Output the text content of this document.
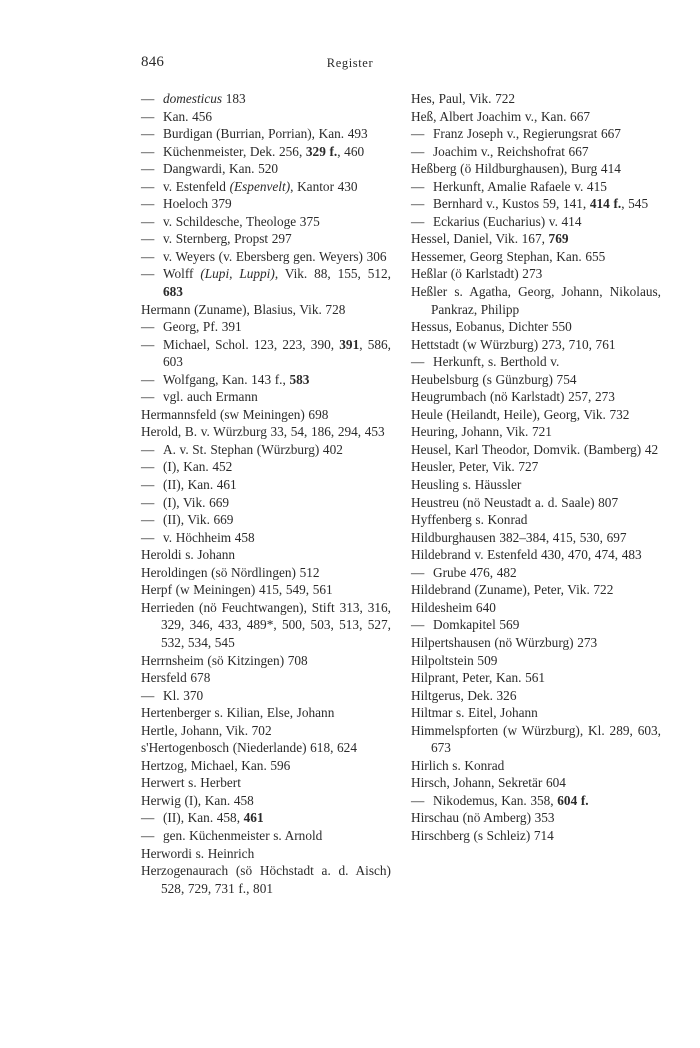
846	Register
— domesticus 183
— Kan. 456
— Burdigan (Burrian, Porrian), Kan. 493
— Küchenmeister, Dek. 256, 329 f., 460
— Dangwardi, Kan. 520
— v. Estenfeld (Espenvelt), Kantor 430
— Hoeloch 379
— v. Schildesche, Theologe 375
— v. Sternberg, Propst 297
— v. Weyers (v. Ebersberg gen. Weyers) 306
— Wolff (Lupi, Luppi), Vik. 88, 155, 512, 683
Hermann (Zuname), Blasius, Vik. 728
— Georg, Pf. 391
— Michael, Schol. 123, 223, 390, 391, 586, 603
— Wolfgang, Kan. 143 f., 583
— vgl. auch Ermann
Hermannsfeld (sw Meiningen) 698
Herold, B. v. Würzburg 33, 54, 186, 294, 453
— A. v. St. Stephan (Würzburg) 402
— (I), Kan. 452
— (II), Kan. 461
— (I), Vik. 669
— (II), Vik. 669
— v. Höchheim 458
Heroldi s. Johann
Heroldingen (sö Nördlingen) 512
Herpf (w Meiningen) 415, 549, 561
Herrieden (nö Feuchtwangen), Stift 313, 316, 329, 346, 433, 489*, 500, 503, 513, 527, 532, 534, 545
Herrnsheim (sö Kitzingen) 708
Hersfeld 678
— Kl. 370
Hertenberger s. Kilian, Else, Johann
Hertle, Johann, Vik. 702
s'Hertogenbosch (Niederlande) 618, 624
Hertzog, Michael, Kan. 596
Herwert s. Herbert
Herwig (I), Kan. 458
— (II), Kan. 458, 461
— gen. Küchenmeister s. Arnold
Herwordi s. Heinrich
Herzogenaurach (sö Höchstadt a. d. Aisch) 528, 729, 731 f., 801
Hes, Paul, Vik. 722
Heß, Albert Joachim v., Kan. 667
— Franz Joseph v., Regierungsrat 667
— Joachim v., Reichshofrat 667
Heßberg (ö Hildburghausen), Burg 414
— Herkunft, Amalie Rafaele v. 415
— Bernhard v., Kustos 59, 141, 414 f., 545
— Eckarius (Eucharius) v. 414
Hessel, Daniel, Vik. 167, 769
Hessemer, Georg Stephan, Kan. 655
Heßlar (ö Karlstadt) 273
Heßler s. Agatha, Georg, Johann, Nikolaus, Pankraz, Philipp
Hessus, Eobanus, Dichter 550
Hettstadt (w Würzburg) 273, 710, 761
— Herkunft, s. Berthold v.
Heubelsburg (s Günzburg) 754
Heugrumbach (nö Karlstadt) 257, 273
Heule (Heilandt, Heile), Georg, Vik. 732
Heuring, Johann, Vik. 721
Heusel, Karl Theodor, Domvik. (Bamberg) 42
Heusler, Peter, Vik. 727
Heusling s. Häussler
Heustreu (nö Neustadt a. d. Saale) 807
Hyffenberg s. Konrad
Hildburghausen 382–384, 415, 530, 697
Hildebrand v. Estenfeld 430, 470, 474, 483
— Grube 476, 482
Hildebrand (Zuname), Peter, Vik. 722
Hildesheim 640
— Domkapitel 569
Hilpertshausen (nö Würzburg) 273
Hilpoltstein 509
Hilprant, Peter, Kan. 561
Hiltgerus, Dek. 326
Hiltmar s. Eitel, Johann
Himmelspforten (w Würzburg), Kl. 289, 603, 673
Hirlich s. Konrad
Hirsch, Johann, Sekretär 604
— Nikodemus, Kan. 358, 604 f.
Hirschau (nö Amberg) 353
Hirschberg (s Schleiz) 714
